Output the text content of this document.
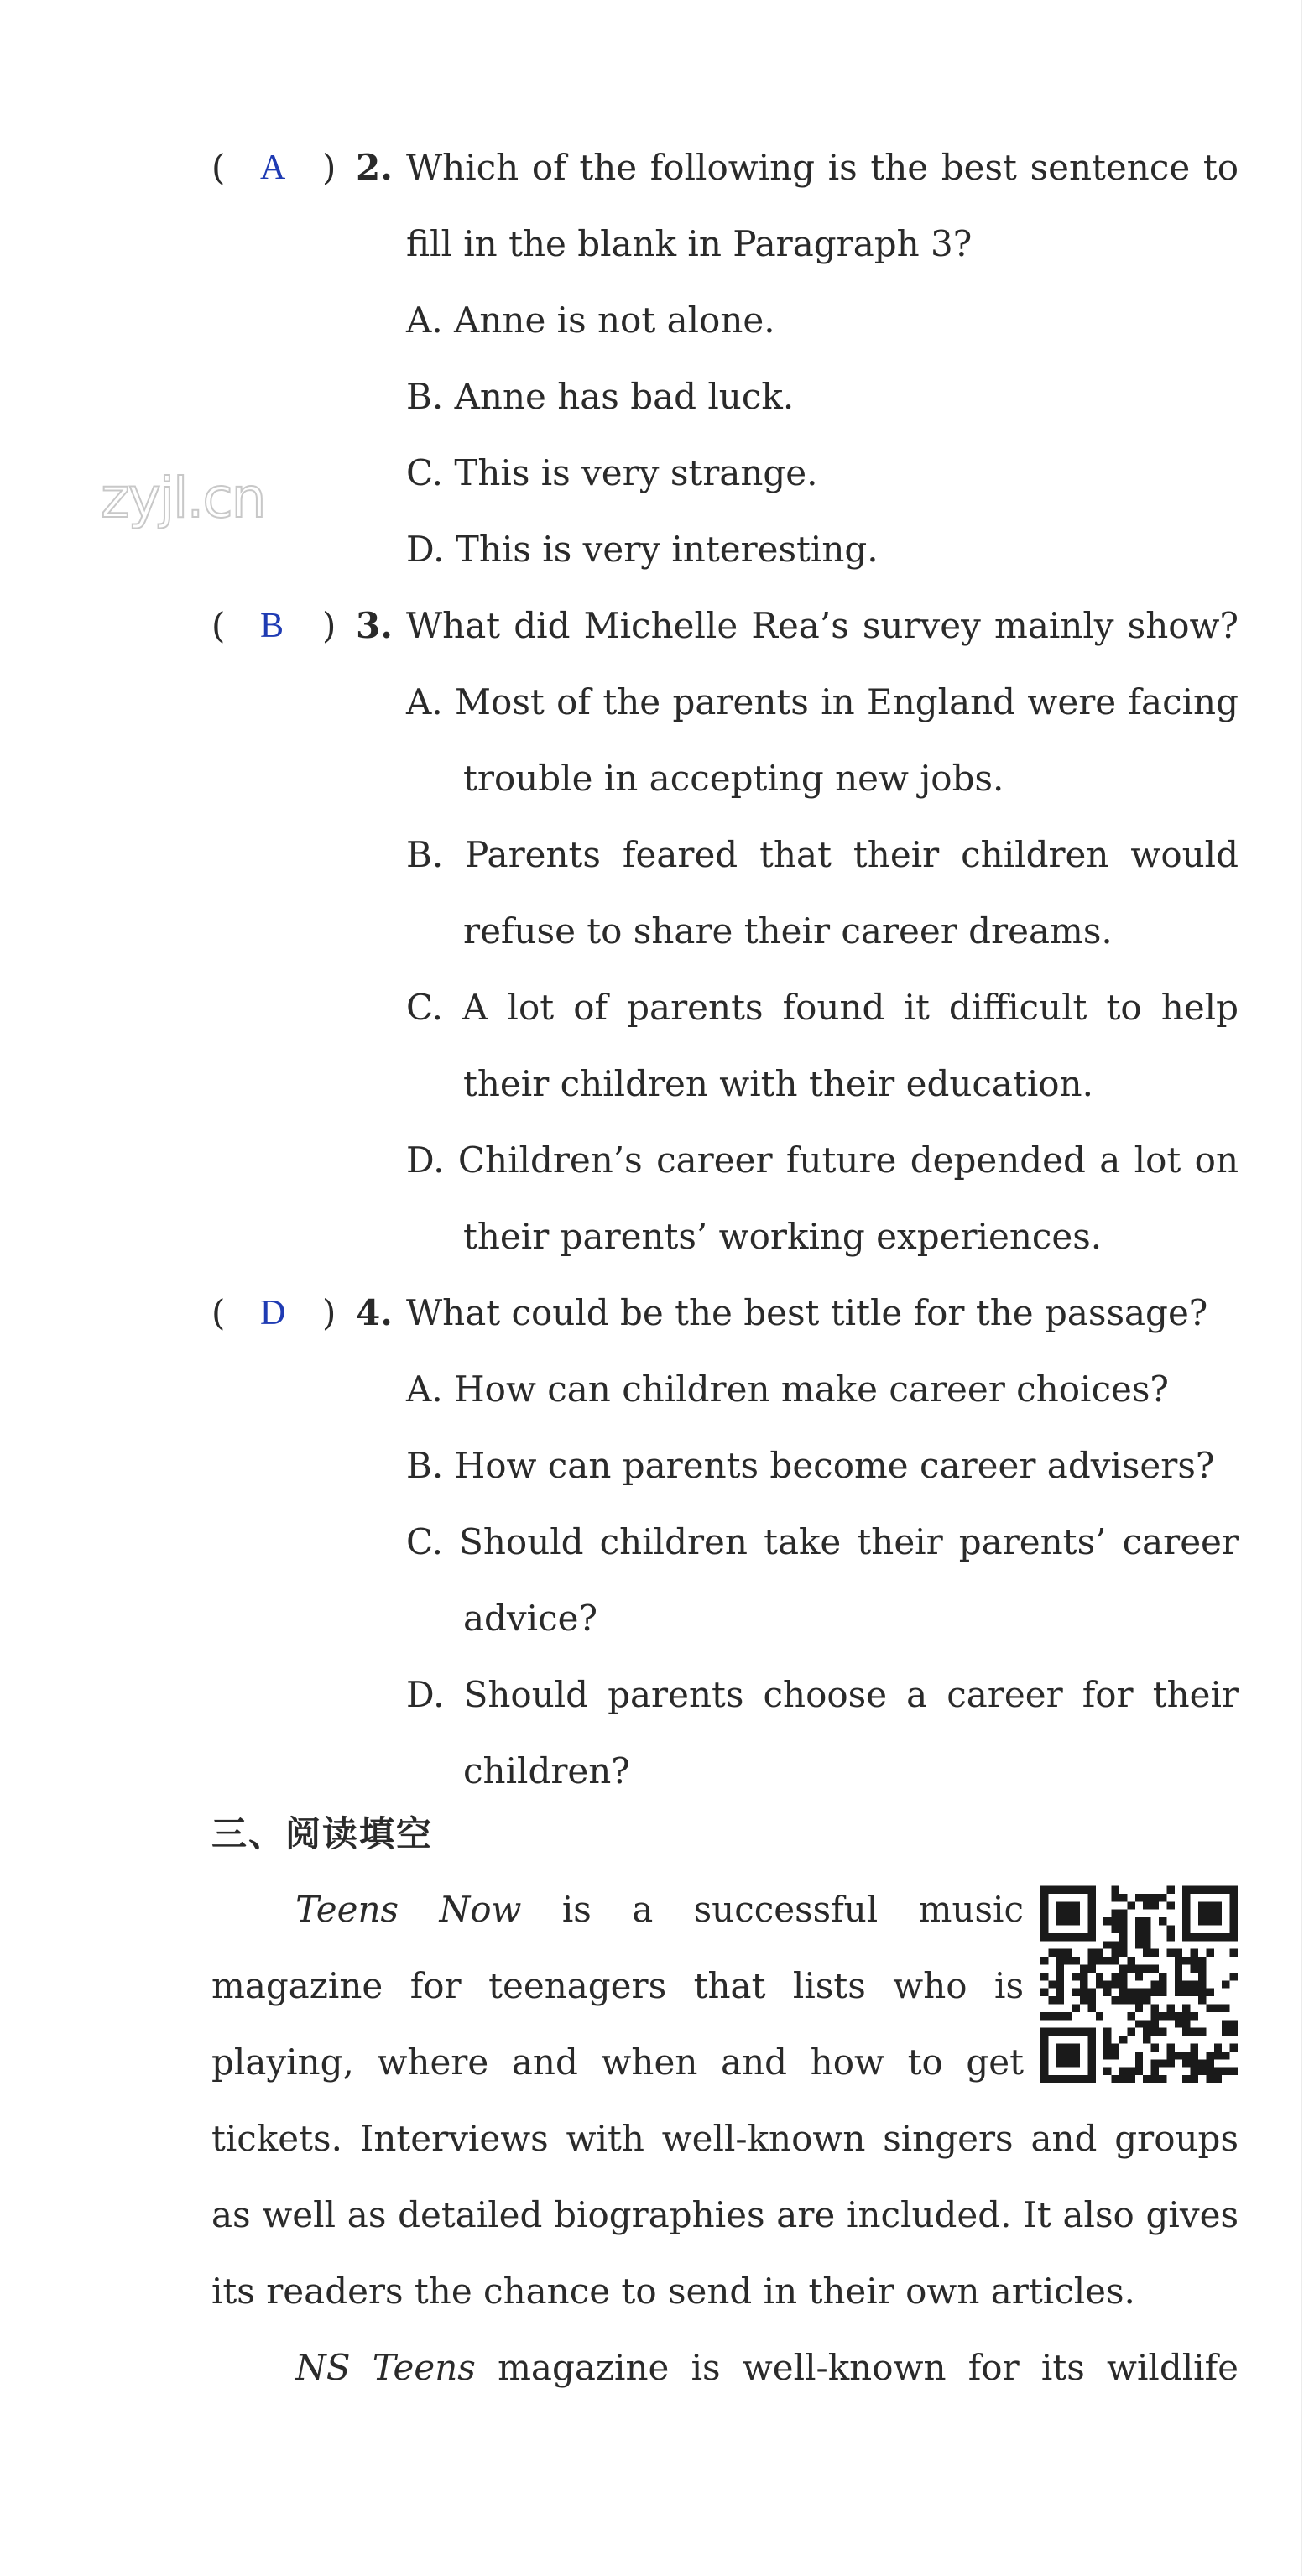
zyjl.cn
( A ) 2. Which of the following is the best sentence to
fill in the blank in Paragraph 3?
A. Anne is not alone.
B. Anne has bad luck.
C. This is very strange.
D. This is very interesting.
( B ) 3. What did Michelle Rea’s survey mainly show?
A. Most of the parents in England were facing
trouble in accepting new jobs.
B. Parents feared that their children would
refuse to share their career dreams.
C. A lot of parents found it difficult to help
their children with their education.
D. Children’s career future depended a lot on
their parents’ working experiences.
( D ) 4. What could be the best title for the passage?
A. How can children make career choices?
B. How can parents become career advisers?
C. Should children take their parents’ career
advice?
D. Should parents choose a career for their
children?
三、阅读填空
Teens Now is a successful music
magazine for teenagers that lists who is
playing, where and when and how to get
tickets. Interviews with well-known singers and groups
as well as detailed biographies are included. It also gives
its readers the chance to send in their own articles.
NS Teens magazine is well-known for its wildlife
